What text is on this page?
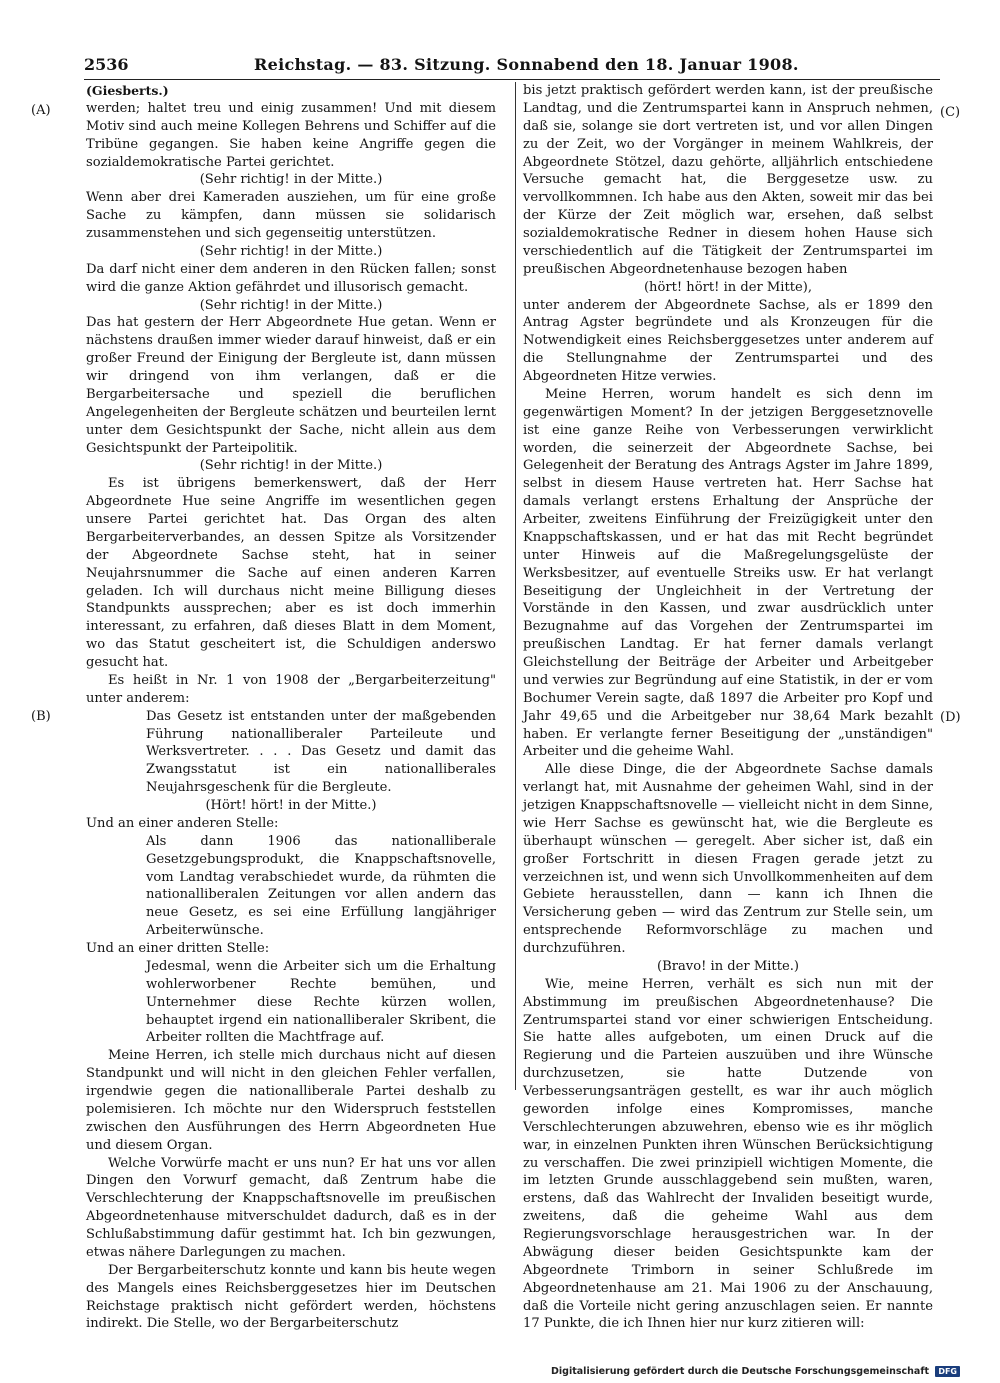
2536	Reichstag. — 83. Sitzung. Sonnabend den 18. Januar 1908.
(A)
(B)
(C)
(D)

(Giesberts.)

werden; haltet treu und einig zusammen! Und mit diesem Motiv sind auch meine Kollegen Behrens und Schiffer auf die Tribüne gegangen. Sie haben keine Angriffe gegen die sozialdemokratische Partei gerichtet.

(Sehr richtig! in der Mitte.)

Wenn aber drei Kameraden ausziehen, um für eine große Sache zu kämpfen, dann müssen sie solidarisch zusammenstehen und sich gegenseitig unterstützen.

(Sehr richtig! in der Mitte.)

Da darf nicht einer dem anderen in den Rücken fallen; sonst wird die ganze Aktion gefährdet und illusorisch gemacht.

(Sehr richtig! in der Mitte.)

Das hat gestern der Herr Abgeordnete Hue getan. Wenn er nächstens draußen immer wieder darauf hinweist, daß er ein großer Freund der Einigung der Bergleute ist, dann müssen wir dringend von ihm verlangen, daß er die Bergarbeitersache und speziell die beruflichen Angelegenheiten der Bergleute schätzen und beurteilen lernt unter dem Gesichtspunkt der Sache, nicht allein aus dem Gesichtspunkt der Parteipolitik.

(Sehr richtig! in der Mitte.)

Es ist übrigens bemerkenswert, daß der Herr Abgeordnete Hue seine Angriffe im wesentlichen gegen unsere Partei gerichtet hat. Das Organ des alten Bergarbeiterverbandes, an dessen Spitze als Vorsitzender der Abgeordnete Sachse steht, hat in seiner Neujahrsnummer die Sache auf einen anderen Karren geladen. Ich will durchaus nicht meine Billigung dieses Standpunkts aussprechen; aber es ist doch immerhin interessant, zu erfahren, daß dieses Blatt in dem Moment, wo das Statut gescheitert ist, die Schuldigen anderswo gesucht hat.

Es heißt in Nr. 1 von 1908 der „Bergarbeiterzeitung" unter anderem:

Das Gesetz ist entstanden unter der maßgebenden Führung nationalliberaler Parteileute und Werksvertreter. . . . Das Gesetz und damit das Zwangsstatut ist ein nationalliberales Neujahrsgeschenk für die Bergleute.

(Hört! hört! in der Mitte.)

Und an einer anderen Stelle:

Als dann 1906 das nationalliberale Gesetzgebungsprodukt, die Knappschaftsnovelle, vom Landtag verabschiedet wurde, da rühmten die nationalliberalen Zeitungen vor allen andern das neue Gesetz, es sei eine Erfüllung langjähriger Arbeiterwünsche.

Und an einer dritten Stelle:

Jedesmal, wenn die Arbeiter sich um die Erhaltung wohlerworbener Rechte bemühen, und Unternehmer diese Rechte kürzen wollen, behauptet irgend ein nationalliberaler Skribent, die Arbeiter rollten die Machtfrage auf.

Meine Herren, ich stelle mich durchaus nicht auf diesen Standpunkt und will nicht in den gleichen Fehler verfallen, irgendwie gegen die nationalliberale Partei deshalb zu polemisieren. Ich möchte nur den Widerspruch feststellen zwischen den Ausführungen des Herrn Abgeordneten Hue und diesem Organ.

Welche Vorwürfe macht er uns nun? Er hat uns vor allen Dingen den Vorwurf gemacht, daß Zentrum habe die Verschlechterung der Knappschaftsnovelle im preußischen Abgeordnetenhause mitverschuldet dadurch, daß es in der Schlußabstimmung dafür gestimmt hat. Ich bin gezwungen, etwas nähere Darlegungen zu machen.

Der Bergarbeiterschutz konnte und kann bis heute wegen des Mangels eines Reichsberggesetzes hier im Deutschen Reichstage praktisch nicht gefördert werden, höchstens indirekt. Die Stelle, wo der Bergarbeiterschutz

bis jetzt praktisch gefördert werden kann, ist der preußische Landtag, und die Zentrumspartei kann in Anspruch nehmen, daß sie, solange sie dort vertreten ist, und vor allen Dingen zu der Zeit, wo der Vorgänger in meinem Wahlkreis, der Abgeordnete Stötzel, dazu gehörte, alljährlich entschiedene Versuche gemacht hat, die Berggesetze usw. zu vervollkommnen. Ich habe aus den Akten, soweit mir das bei der Kürze der Zeit möglich war, ersehen, daß selbst sozialdemokratische Redner in diesem hohen Hause sich verschiedentlich auf die Tätigkeit der Zentrumspartei im preußischen Abgeordnetenhause bezogen haben

(hört! hört! in der Mitte),

unter anderem der Abgeordnete Sachse, als er 1899 den Antrag Agster begründete und als Kronzeugen für die Notwendigkeit eines Reichsberggesetzes unter anderem auf die Stellungnahme der Zentrumspartei und des Abgeordneten Hitze verwies.

Meine Herren, worum handelt es sich denn im gegenwärtigen Moment? In der jetzigen Berggesetznovelle ist eine ganze Reihe von Verbesserungen verwirklicht worden, die seinerzeit der Abgeordnete Sachse, bei Gelegenheit der Beratung des Antrags Agster im Jahre 1899, selbst in diesem Hause vertreten hat. Herr Sachse hat damals verlangt erstens Erhaltung der Ansprüche der Arbeiter, zweitens Einführung der Freizügigkeit unter den Knappschaftskassen, und er hat das mit Recht begründet unter Hinweis auf die Maßregelungsgelüste der Werksbesitzer, auf eventuelle Streiks usw. Er hat verlangt Beseitigung der Ungleichheit in der Vertretung der Vorstände in den Kassen, und zwar ausdrücklich unter Bezugnahme auf das Vorgehen der Zentrumspartei im preußischen Landtag. Er hat ferner damals verlangt Gleichstellung der Beiträge der Arbeiter und Arbeitgeber und verwies zur Begründung auf eine Statistik, in der er vom Bochumer Verein sagte, daß 1897 die Arbeiter pro Kopf und Jahr 49,65 und die Arbeitgeber nur 38,64 Mark bezahlt haben. Er verlangte ferner Beseitigung der „unständigen" Arbeiter und die geheime Wahl.

Alle diese Dinge, die der Abgeordnete Sachse damals verlangt hat, mit Ausnahme der geheimen Wahl, sind in der jetzigen Knappschaftsnovelle — vielleicht nicht in dem Sinne, wie Herr Sachse es gewünscht hat, wie die Bergleute es überhaupt wünschen — geregelt. Aber sicher ist, daß ein großer Fortschritt in diesen Fragen gerade jetzt zu verzeichnen ist, und wenn sich Unvollkommenheiten auf dem Gebiete herausstellen, dann — kann ich Ihnen die Versicherung geben — wird das Zentrum zur Stelle sein, um entsprechende Reformvorschläge zu machen und durchzuführen.

(Bravo! in der Mitte.)

Wie, meine Herren, verhält es sich nun mit der Abstimmung im preußischen Abgeordnetenhause? Die Zentrumspartei stand vor einer schwierigen Entscheidung. Sie hatte alles aufgeboten, um einen Druck auf die Regierung und die Parteien auszuüben und ihre Wünsche durchzusetzen, sie hatte Dutzende von Verbesserungsanträgen gestellt, es war ihr auch möglich geworden infolge eines Kompromisses, manche Verschlechterungen abzuwehren, ebenso wie es ihr möglich war, in einzelnen Punkten ihren Wünschen Berücksichtigung zu verschaffen. Die zwei prinzipiell wichtigen Momente, die im letzten Grunde ausschlaggebend sein mußten, waren, erstens, daß das Wahlrecht der Invaliden beseitigt wurde, zweitens, daß die geheime Wahl aus dem Regierungsvorschlage herausgestrichen war. In der Abwägung dieser beiden Gesichtspunkte kam der Abgeordnete Trimborn in seiner Schlußrede im Abgeordnetenhause am 21. Mai 1906 zu der Anschauung, daß die Vorteile nicht gering anzuschlagen seien. Er nannte 17 Punkte, die ich Ihnen hier nur kurz zitieren will:

Digitalisierung gefördert durch die Deutsche Forschungsgemeinschaft DFG
